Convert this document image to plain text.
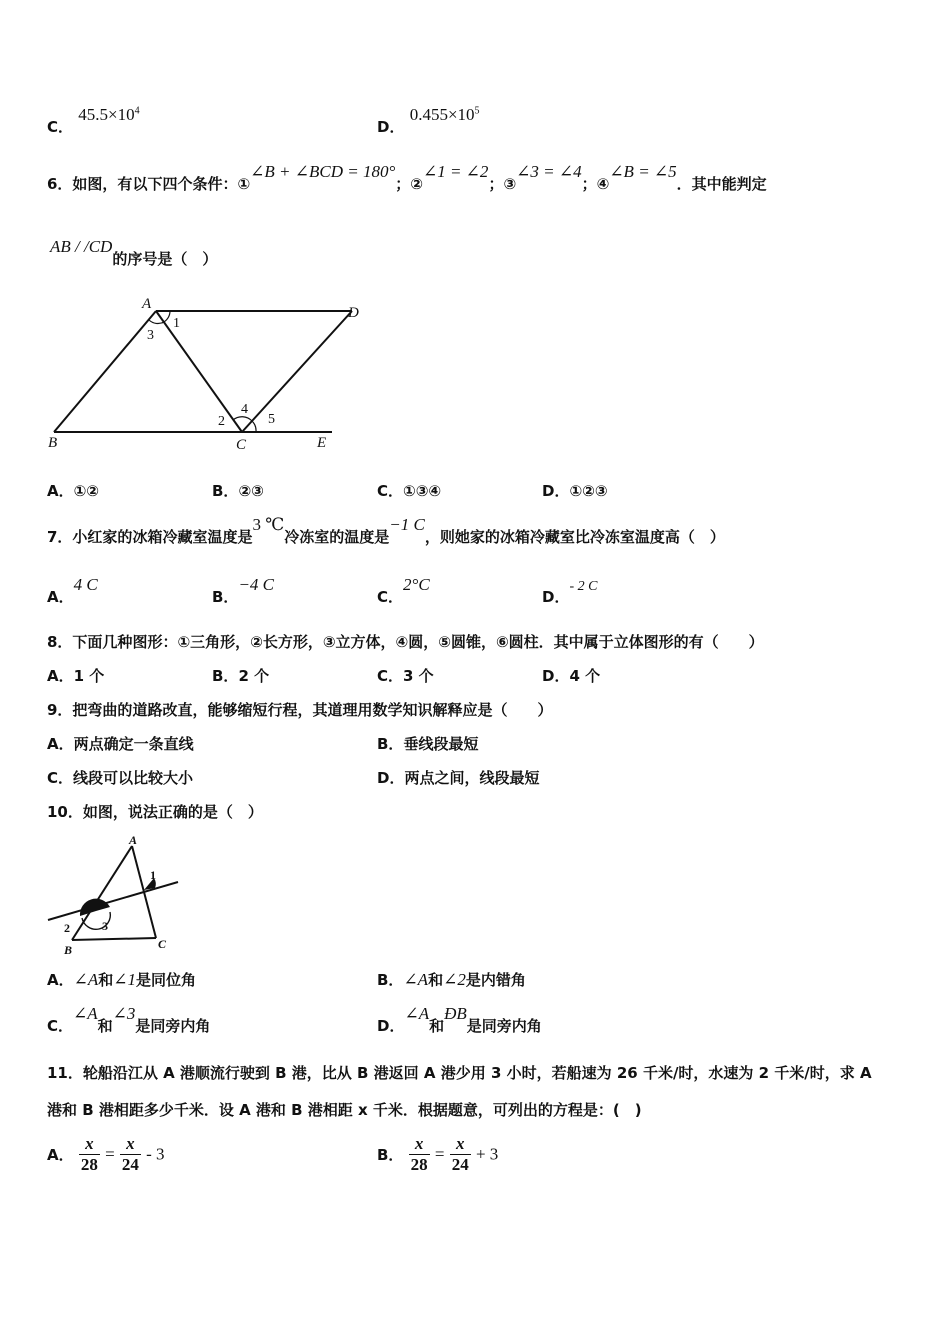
C． $45.5\times 10^4$
D． $0.455\times 10^5$
6．如图，有以下四个条件：①∠B + ∠BCD = 180°；②∠1 = ∠2；③∠3 = ∠4；④∠B = ∠5．其中能判定
AB / /CD的序号是（　）
A
B	C
D
E
1
2
3
4
5
A．①②	B．②③	C．①③④	D．①②③
7．小红家的冰箱冷藏室温度是3 ℃冷冻室的温度是−1 C，则她家的冰箱冷藏室比冷冻室温度高（　）
A．4 C
B．−4 C
C．2°C
D．- 2 C
8．下面几种图形：①三角形，②长方形，③立方体，④圆，⑤圆锥，⑥圆柱．其中属于立体图形的有（　　）
A．1 个	B．2 个	C．3 个	D．4 个
9．把弯曲的道路改直，能够缩短行程，其道理用数学知识解释应是（　　）
A．两点确定一条直线	B．垂线段最短
C．线段可以比较大小	D．两点之间，线段最短
10．如图，说法正确的是（　）
A
B	C
1
2	3
A．∠A和∠1是同位角	B．∠A和∠2是内错角
C．∠A和∠3是同旁内角	D．∠A和ÐB是同旁内角
11．轮船沿江从 A 港顺流行驶到 B 港，比从 B 港返回 A 港少用 3 小时，若船速为 26 千米/时，水速为 2 千米/时，求 A
港和 B 港相距多少千米．设 A 港和 B 港相距 x 千米．根据题意，可列出的方程是：(　)
A． $\frac{x}{28} = \frac{x}{24} - 3$	B． $\frac{x}{28} = \frac{x}{24} + 3$
